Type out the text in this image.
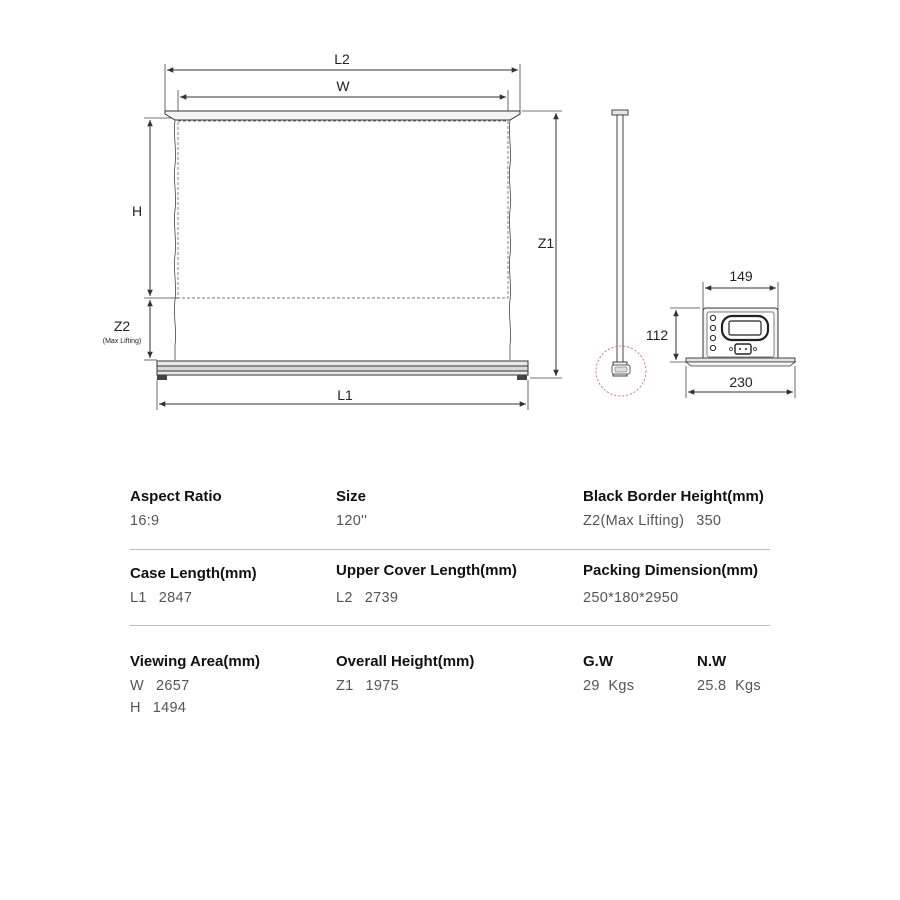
L2
W
L1
H
Z2
(Max Lifting)
Z1
149
112
230
Aspect Ratio
16:9
Size
120''
Black Border Height(mm)
Z2(Max Lifting) 350
Case Length(mm)
L1 2847
Upper Cover Length(mm)
L2 2739
Packing Dimension(mm)
250*180*2950
Viewing Area(mm)
W 2657
H 1494
Overall Height(mm)
Z1 1975
G.W
29  Kgs
N.W
25.8  Kgs
